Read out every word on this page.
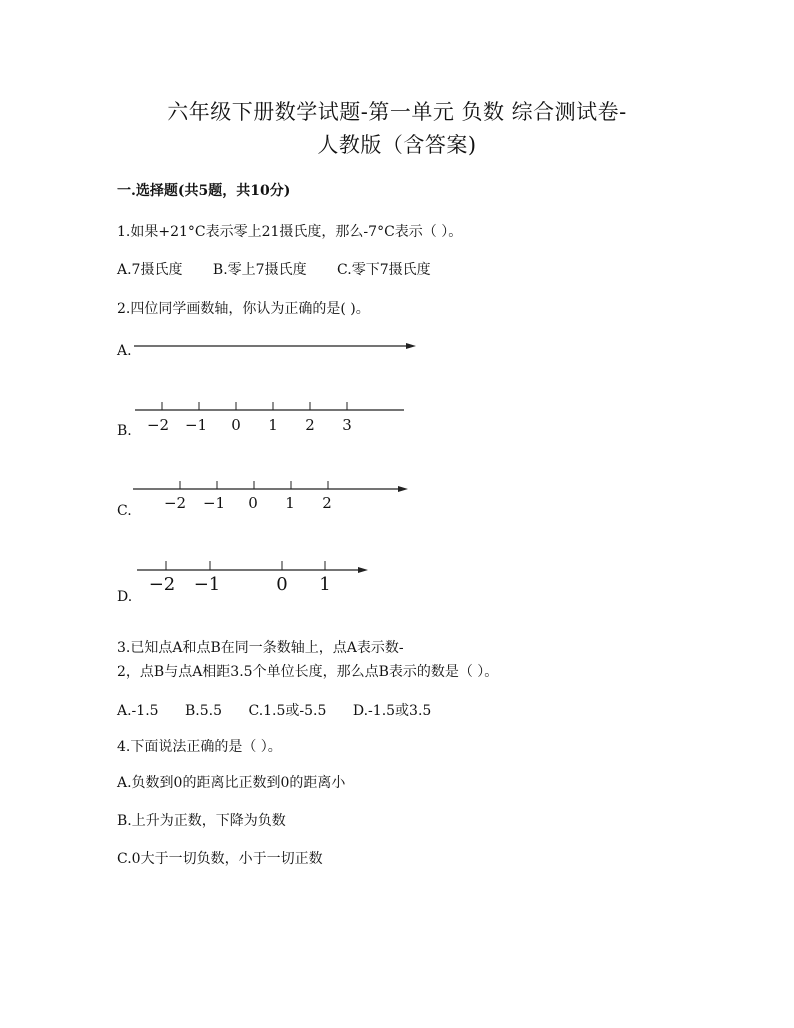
六年级下册数学试题-第一单元 负数 综合测试卷-
人教版（含答案)
一.选择题(共5题，共10分)
1.如果+21°C表示零上21摄氏度，那么-7°C表示（ ）。
A.7摄氏度 B.零上7摄氏度 C.零下7摄氏度
2.四位同学画数轴，你认为正确的是( )。
A.
B. −2 −1 0 1 2 3
C. −2 −1 0 1 2
D.
−2 −1	0 1
3.已知点A和点B在同一条数轴上，点A表示数-
2，点B与点A相距3.5个单位长度，那么点B表示的数是（ ）。
A.-1.5 B.5.5 C.1.5或-5.5 D.-1.5或3.5
4.下面说法正确的是（ ）。
A.负数到0的距离比正数到0的距离小
B.上升为正数，下降为负数
C.0大于一切负数，小于一切正数
